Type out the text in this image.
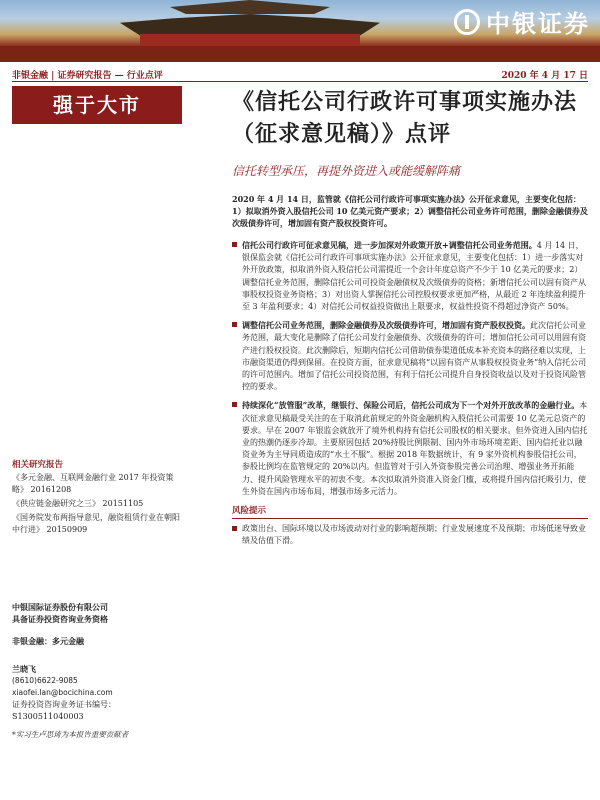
中银证券
非银金融 | 证券研究报告 — 行业点评	2020 年 4 月 17 日
强于大市
相关研究报告
《多元金融、互联网金融行业 2017 年投资策略》 20161208
《供应链金融研究之三》 20151105
《国务院发布两指导意见，融资租赁行业在朝阳中行进》 20150909
中银国际证券股份有限公司
具备证券投资咨询业务资格
非银金融：多元金融
兰晓飞
(8610)6622-9085
xiaofei.lan@bocichina.com
证券投资咨询业务证书编号：S1300511040003
*实习生卢思琦为本报告重要贡献者
《信托公司行政许可事项实施办法（征求意见稿）》点评
信托转型承压，再提外资进入或能缓解阵痛
2020 年 4 月 14 日，监管就《信托公司行政许可事项实施办法》公开征求意见，主要变化包括：1）拟取消外资入股信托公司 10 亿美元资产要求；2）调整信托公司业务许可范围，删除金融债券及次级债券许可，增加固有资产股权投资许可。
信托公司行政许可征求意见稿，进一步加深对外政策开放+调整信托公司业务范围。4 月 14 日，银保监会就《信托公司行政许可事项实施办法》公开征求意见，主要变化包括：1）进一步落实对外开放政策，拟取消外资入股信托公司需提近一个会计年度总资产不少于 10 亿美元的要求；2）调整信托业务范围，删除信托公司可投资金融债权及次级债券的资格；新增信托公司以固有资产从事股权投资业务资格；3）对出资人掌握信托公司控股权要求更加严格，从最近 2 年连续盈利提升至 3 年盈利要求；4）对信托公司权益投资做出上限要求，权益性投资不得超过净资产 50%。
调整信托公司业务范围，删除金融债券及次级债券许可，增加固有资产股权投资。此次信托公司业务范围，最大变化是删除了信托公司发行金融债券、次级债券的许可；增加信托公司可以用固有资产进行股权投资。此次删除后，短期内信托公司借助债券渠道低成本补充资本的路径难以实现，上市融资渠道仍得到保留。在投资方面，征求意见稿将“以固有资产从事股权投资业务”纳入信托公司的许可范围内。增加了信托公司投资范围，有利于信托公司提升自身投资收益以及对于投资风险管控的要求。
持续深化“放管服”改革，继银行、保险公司后，信托公司成为下一个对外开放改革的金融行业。本次征求意见稿最受关注的在于取消此前规定的外资金融机构入股信托公司需要 10 亿美元总资产的要求。早在 2007 年银监会就放开了境外机构持有信托公司股权的相关要求。但外资进入国内信托业的热潮仍逐步冷却。主要原因包括 20%持股比例限制、国内外市场环境差距、国内信托业以融资业务为主导同质造成的“水土不服”。根据 2018 年数据统计，有 9 家外资机构参股信托公司，参股比例均在监管规定的 20%以内。但监管对于引入外资参股完善公司治理、增强业务开拓能力、提升风险管理水平的初衷不变。本次拟取消外资准入资金门槛，或将提升国内信托吸引力，使生外资在国内市场布局，增强市场多元活力。
风险提示
政策出台、国际环境以及市场波动对行业的影响超预期；行业发展速度不及预期；市场低迷导致业绩及估值下滑。
